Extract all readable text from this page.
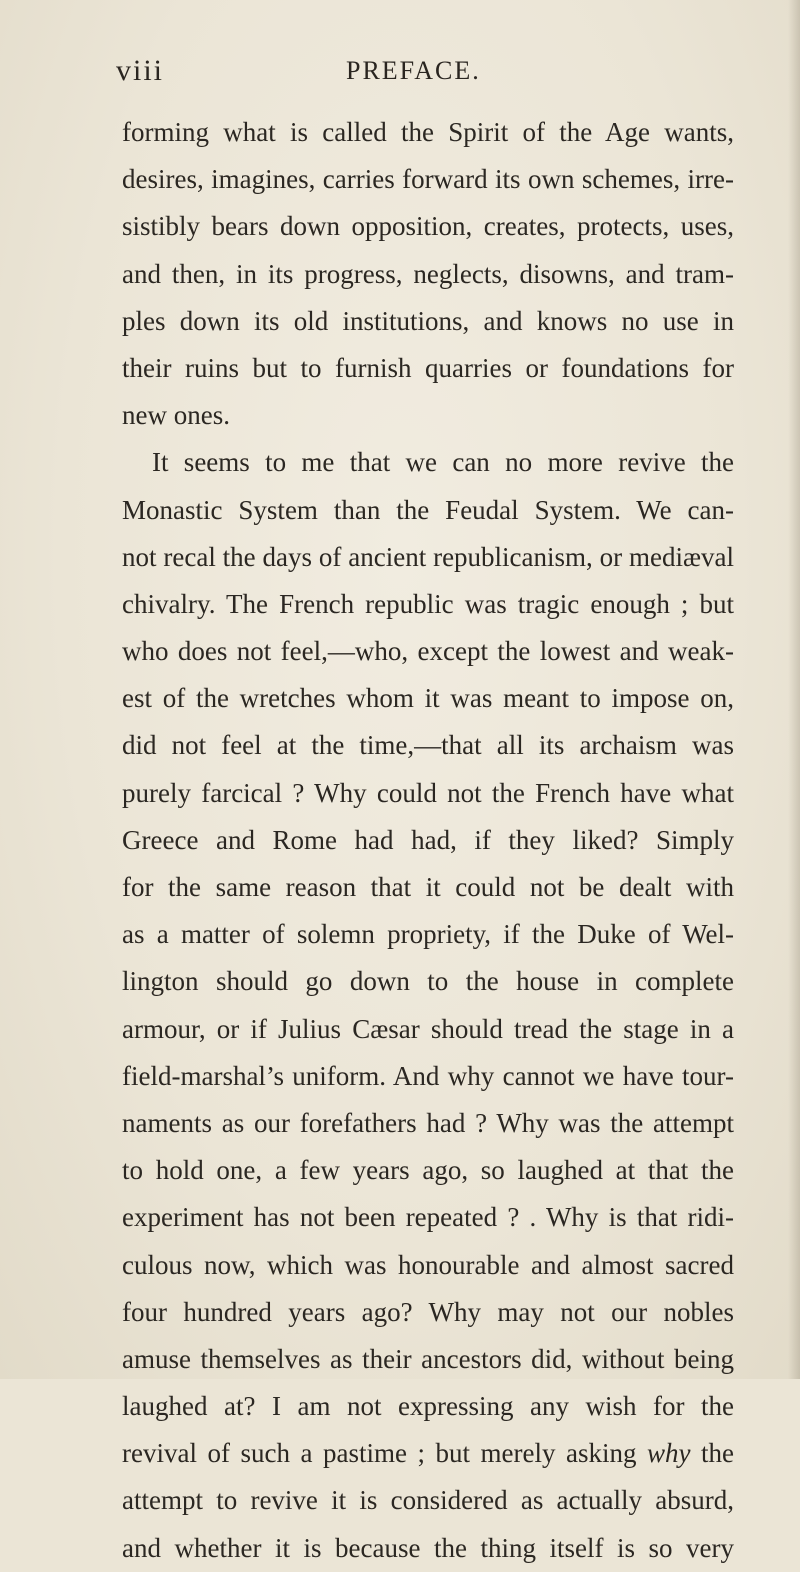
viii	PREFACE.
forming what is called the Spirit of the Age wants,
desires, imagines, carries forward its own schemes, irre-
sistibly bears down opposition, creates, protects, uses,
and then, in its progress, neglects, disowns, and tram-
ples down its old institutions, and knows no use in
their ruins but to furnish quarries or foundations for
new ones.
It seems to me that we can no more revive the
Monastic System than the Feudal System. We can-
not recal the days of ancient republicanism, or mediæval
chivalry. The French republic was tragic enough ; but
who does not feel,—who, except the lowest and weak-
est of the wretches whom it was meant to impose on,
did not feel at the time,—that all its archaism was
purely farcical ? Why could not the French have what
Greece and Rome had had, if they liked? Simply
for the same reason that it could not be dealt with
as a matter of solemn propriety, if the Duke of Wel-
lington should go down to the house in complete
armour, or if Julius Cæsar should tread the stage in a
field-marshal’s uniform. And why cannot we have tour-
naments as our forefathers had ? Why was the attempt
to hold one, a few years ago, so laughed at that the
experiment has not been repeated ? . Why is that ridi-
culous now, which was honourable and almost sacred
four hundred years ago? Why may not our nobles
amuse themselves as their ancestors did, without being
laughed at? I am not expressing any wish for the
revival of such a pastime ; but merely asking why the
attempt to revive it is considered as actually absurd,
and whether it is because the thing itself is so very
